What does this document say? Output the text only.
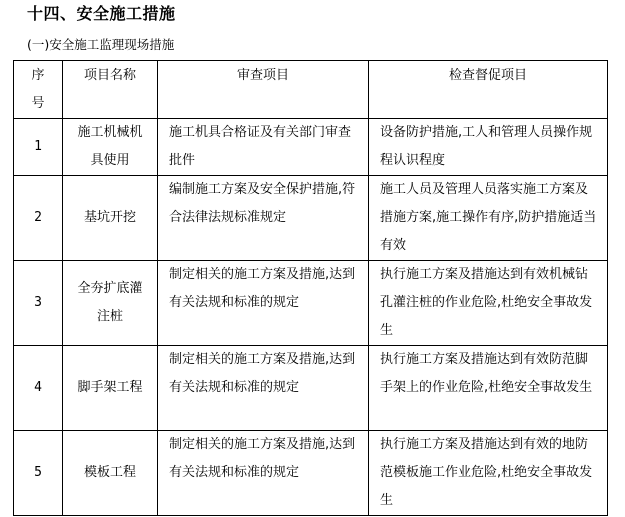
十四、安全施工措施
(一)安全施工监理现场措施
序号	项目名称	审查项目	检查督促项目

1	施工机械机具使用	施工机具合格证及有关部门审查批件	设备防护措施,工人和管理人员操作规程认识程度
2	基坑开挖	编制施工方案及安全保护措施,符合法律法规标准规定	施工人员及管理人员落实施工方案及措施方案,施工操作有序,防护措施适当有效
3	全夯扩底灌注桩	制定相关的施工方案及措施,达到有关法规和标准的规定	执行施工方案及措施达到有效机械钻孔灌注桩的作业危险,杜绝安全事故发生
4	脚手架工程	制定相关的施工方案及措施,达到有关法规和标准的规定	执行施工方案及措施达到有效防范脚手架上的作业危险,杜绝安全事故发生
5	模板工程	制定相关的施工方案及措施,达到有关法规和标准的规定	执行施工方案及措施达到有效的地防范模板施工作业危险,杜绝安全事故发生
